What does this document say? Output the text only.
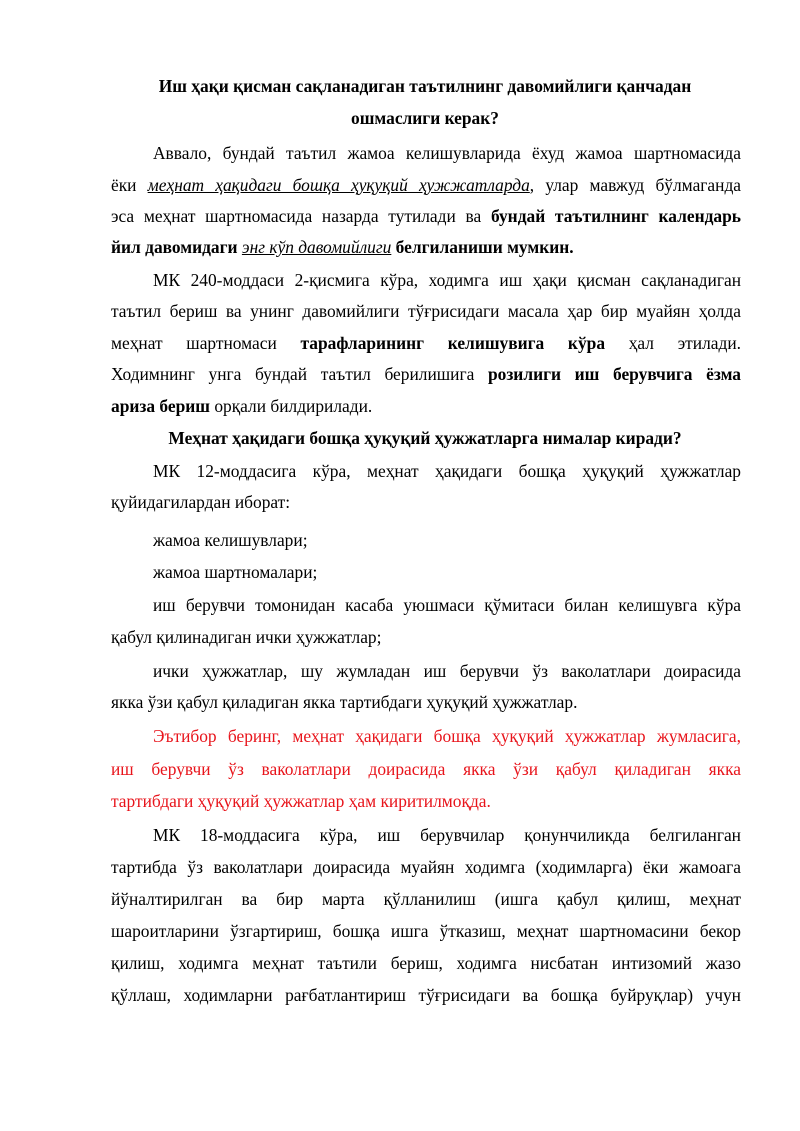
Иш ҳақи қисман сақланадиган таътилнинг давомийлиги қанчадан
ошмаслиги керак?
Аввало, бундай таътил жамоа келишувларида ёхуд жамоа шартномасида
ёки меҳнат ҳақидаги бошқа ҳуқуқий ҳужжатларда, улар мавжуд бўлмаганда
эса меҳнат шартномасида назарда тутилади ва бундай таътилнинг календарь
йил давомидаги энг кўп давомийлиги белгиланиши мумкин.
МК 240-моддаси 2-қисмига кўра, ходимга иш ҳақи қисман сақланадиган
таътил бериш ва унинг давомийлиги тўғрисидаги масала ҳар бир муайян ҳолда
меҳнат шартномаси тарафларининг келишувига кўра ҳал этилади.
Ходимнинг унга бундай таътил берилишига розилиги иш берувчига ёзма
ариза бериш орқали билдирилади.
Меҳнат ҳақидаги бошқа ҳуқуқий ҳужжатларга нималар киради?
МК 12-моддасига кўра, меҳнат ҳақидаги бошқа ҳуқуқий ҳужжатлар
қуйидагилардан иборат:
жамоа келишувлари;
жамоа шартномалари;
иш берувчи томонидан касаба уюшмаси қўмитаси билан келишувга кўра
қабул қилинадиган ички ҳужжатлар;
ички ҳужжатлар, шу жумладан иш берувчи ўз ваколатлари доирасида
якка ўзи қабул қиладиган якка тартибдаги ҳуқуқий ҳужжатлар.
Эътибор беринг, меҳнат ҳақидаги бошқа ҳуқуқий ҳужжатлар жумласига,
иш берувчи ўз ваколатлари доирасида якка ўзи қабул қиладиган якка
тартибдаги ҳуқуқий ҳужжатлар ҳам киритилмоқда.
МК 18-моддасига кўра, иш берувчилар қонунчиликда белгиланган
тартибда ўз ваколатлари доирасида муайян ходимга (ходимларга) ёки жамоага
йўналтирилган ва бир марта қўлланилиш (ишга қабул қилиш, меҳнат
шароитларини ўзгартириш, бошқа ишга ўтказиш, меҳнат шартномасини бекор
қилиш, ходимга меҳнат таътили бериш, ходимга нисбатан интизомий жазо
қўллаш, ходимларни рағбатлантириш тўғрисидаги ва бошқа буйруқлар) учун
